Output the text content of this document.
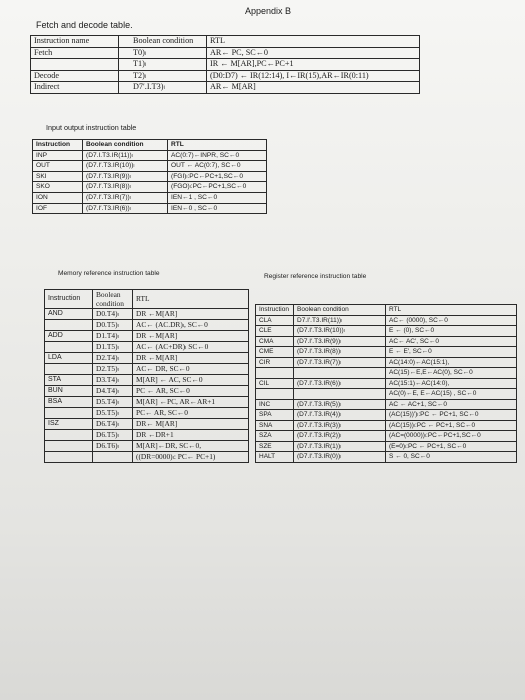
Appendix B
Fetch and decode table.
Instruction name	Boolean condition	RTL
Fetch	T0)ₗ	AR← PC, SC←0
	T1)ₗ	IR ← M[AR],PC←PC+1
Decode	T2)ₗ	(D0:D7) ← IR(12:14), I←IR(15),AR←IR(0:11)
Indirect	D7′.I.T3)ₗ	AR← M[AR]
Input output instruction table
Instruction	Boolean condition	RTL
INP	(D7.I.T3.IR(11))ₗ	AC(0:7)←INPR, SC←0
OUT	(D7.I′.T3.IR(10))ₗ	OUT ← AC(0:7), SC←0
SKI	(D7.I′.T3.IR(9))ₗ	(FGI)ₗ:PC←PC+1,SC←0
SKO	(D7.I′.T3.IR(8))ₗ	(FGO)ₗ:PC←PC+1,SC←0
ION	(D7.I′.T3.IR(7))ₗ	IEN←1 , SC←0
IOF	(D7.I′.T3.IR(6))ₗ	IEN←0 , SC←0
Memory reference instruction table	Register reference instruction table
Instruction	Boolean condition	RTL
AND	D0.T4)ₗ	DR ←M[AR]
	D0.T5)ₗ	AC← (AC.DR)ₗ, SC←0
ADD	D1.T4)ₗ	DR ←M[AR]
	D1.T5)ₗ	AC← (AC+DR)ₗ SC←0
LDA	D2.T4)ₗ	DR ←M[AR]
	D2.T5)ₗ	AC← DR, SC←0
STA	D3.T4)ₗ	M[AR] ← AC, SC←0
BUN	D4.T4)ₗ	PC ← AR, SC←0
BSA	D5.T4)ₗ	M[AR] ←PC, AR←AR+1
	D5.T5)ₗ	PC← AR, SC←0
ISZ	D6.T4)ₗ	DR← M[AR]
	D6.T5)ₗ	DR ←DR+1
	D6.T6)ₗ	M[AR]←DR, SC←0,
		((DR=0000)ₗ: PC← PC+1)
Instruction	Boolean condition	RTL
CLA	D7.I′.T3.IR(11))ₗ	AC← (0000), SC←0
CLE	(D7.I′.T3.IR(10))ₗ	E ← (0), SC←0
CMA	(D7.I′.T3.IR(9))ₗ	AC← AC′, SC←0
CME	(D7.I′.T3.IR(8))ₗ	E ← E′, SC←0
CIR	(D7.I′.T3.IR(7))ₗ	AC(14:0)←AC(15:1),
		AC(15)←E,E←AC(0), SC←0
CIL	(D7.I′.T3.IR(6))ₗ	AC(15:1)←AC(14:0),
		AC(0)←E, E←AC(15) , SC←0
INC	(D7.I′.T3.IR(5))ₗ	AC ← AC+1, SC←0
SPA	(D7.I′.T3.IR(4))ₗ	(AC(15))′)ₗ:PC ← PC+1, SC←0
SNA	(D7.I′.T3.IR(3))ₗ	(AC(15))ₗ:PC ← PC+1, SC←0
SZA	(D7.I′.T3.IR(2))ₗ	(AC=(0000))ₗ:PC←PC+1,SC←0
SZE	(D7.I′.T3.IR(1))ₗ	(E=0)ₗ:PC ← PC+1, SC←0
HALT	(D7.I′.T3.IR(0))ₗ	S ← 0, SC←0
